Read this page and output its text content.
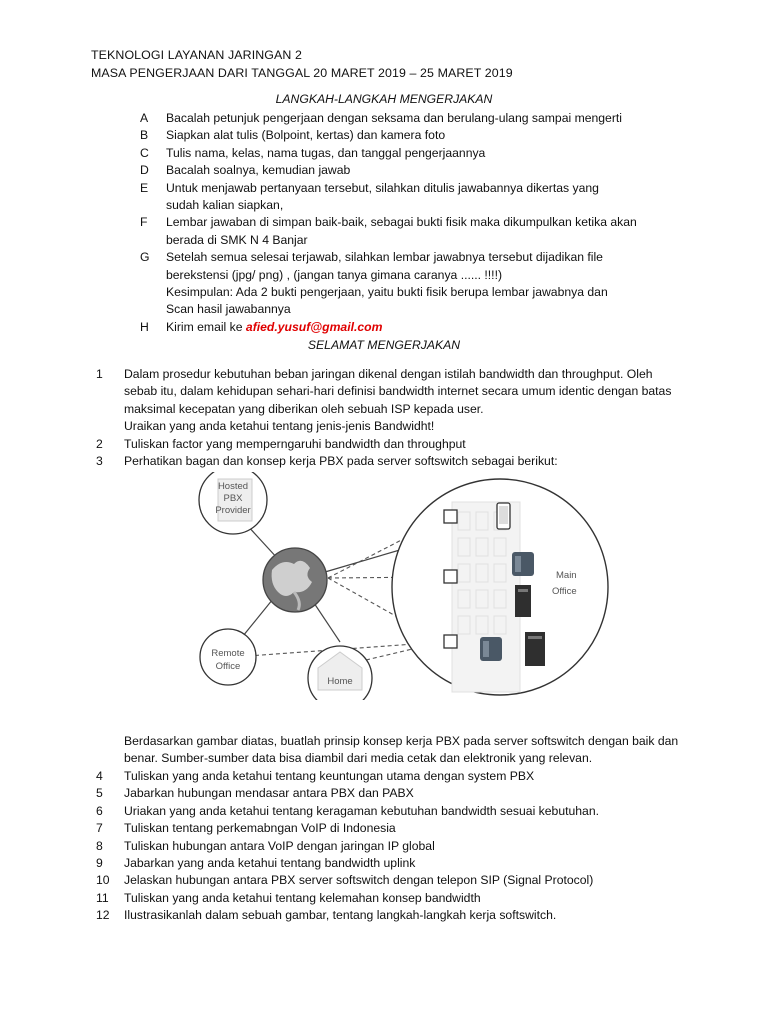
TEKNOLOGI LAYANAN JARINGAN 2
MASA PENGERJAAN DARI TANGGAL 20 MARET 2019 – 25 MARET 2019
LANGKAH-LANGKAH MENGERJAKAN
A	Bacalah petunjuk pengerjaan dengan seksama dan berulang-ulang sampai mengerti
B	Siapkan alat tulis (Bolpoint, kertas) dan kamera foto
C	Tulis nama, kelas, nama tugas, dan tanggal pengerjaannya
D	Bacalah soalnya, kemudian jawab
E	Untuk menjawab pertanyaan tersebut, silahkan ditulis jawabannya dikertas yang sudah kalian siapkan,
F	Lembar jawaban di simpan baik-baik, sebagai bukti fisik maka dikumpulkan ketika akan berada di SMK N 4 Banjar
G	Setelah semua selesai terjawab, silahkan lembar jawabnya tersebut dijadikan file berekstensi (jpg/ png) , (jangan tanya gimana caranya ...... !!!!)
Kesimpulan: Ada 2 bukti pengerjaan, yaitu bukti fisik berupa lembar jawabnya dan Scan hasil jawabannya
H	Kirim email ke afied.yusuf@gmail.com
SELAMAT MENGERJAKAN
1	Dalam prosedur kebutuhan beban jaringan dikenal dengan istilah bandwidth dan throughput. Oleh sebab itu, dalam kehidupan sehari-hari definisi bandwidth internet secara umum identic dengan batas maksimal kecepatan yang diberikan oleh sebuah ISP kepada user.
Uraikan yang anda ketahui tentang jenis-jenis Bandwidht!
2	Tuliskan factor yang memperngaruhi bandwidth dan throughput
3	Perhatikan bagan dan konsep kerja PBX pada server softswitch sebagai berikut:
Main
Office
Hosted
PBX
Provider
Remote
Office
Home
Berdasarkan gambar diatas, buatlah prinsip konsep kerja PBX pada server softswitch dengan baik dan benar. Sumber-sumber data bisa diambil dari media cetak dan elektronik yang relevan.
4	Tuliskan yang anda ketahui tentang keuntungan utama dengan system PBX
5	Jabarkan hubungan mendasar antara PBX dan PABX
6	Uriakan yang anda ketahui tentang keragaman kebutuhan bandwidth sesuai kebutuhan.
7	Tuliskan tentang perkemabngan VoIP di Indonesia
8	Tuliskan hubungan antara VoIP dengan jaringan IP global
9	Jabarkan yang anda ketahui tentang bandwidth uplink
10	Jelaskan hubungan antara PBX server softswitch dengan telepon SIP (Signal Protocol)
11	Tuliskan yang anda ketahui tentang kelemahan konsep bandwidth
12	Ilustrasikanlah dalam sebuah gambar, tentang langkah-langkah kerja softswitch.
